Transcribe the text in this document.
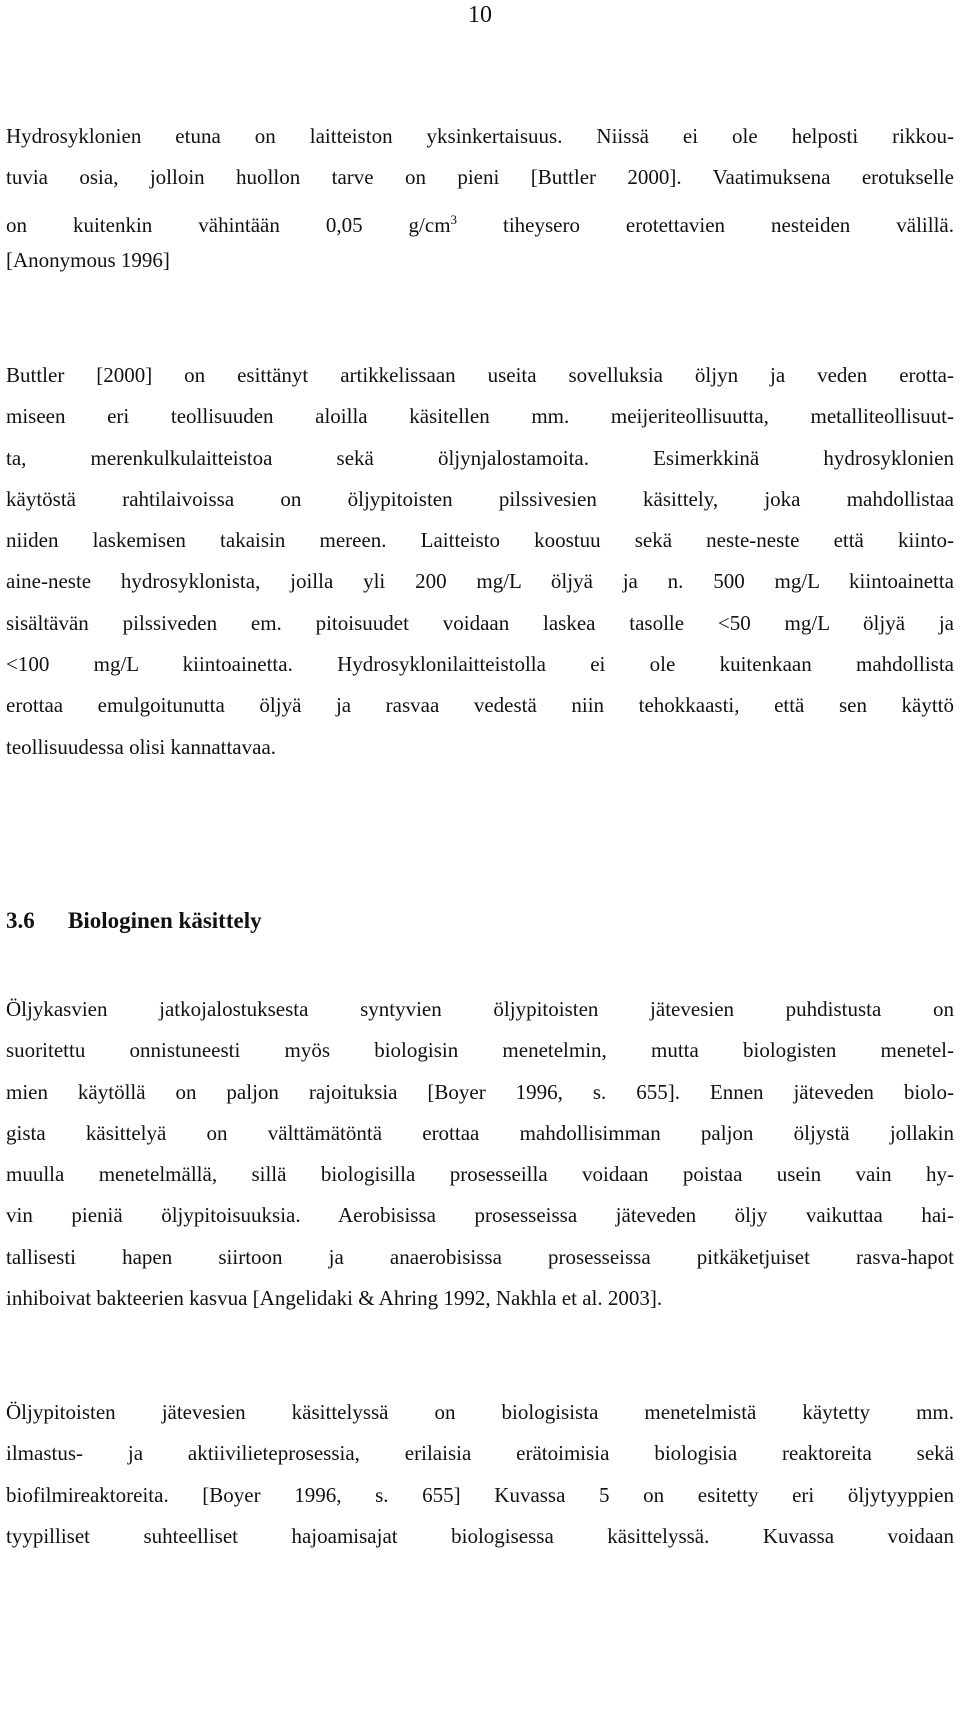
10
Hydrosyklonien etuna on laitteiston yksinkertaisuus. Niissä ei ole helposti rikkou-
tuvia osia, jolloin huollon tarve on pieni [Buttler 2000]. Vaatimuksena erotukselle
on kuitenkin vähintään 0,05 $g/cm^3$ tiheysero erotettavien nesteiden välillä.
[Anonymous 1996]
Buttler [2000] on esittänyt artikkelissaan useita sovelluksia öljyn ja veden erotta-
miseen eri teollisuuden aloilla käsitellen mm. meijeriteollisuutta, metalliteollisuut-
ta, merenkulkulaitteistoa sekä öljynjalostamoita. Esimerkkinä hydrosyklonien
käytöstä rahtilaivoissa on öljypitoisten pilssivesien käsittely, joka mahdollistaa
niiden laskemisen takaisin mereen. Laitteisto koostuu sekä neste-neste että kiinto-
aine-neste hydrosyklonista, joilla yli 200 mg/L öljyä ja n. 500 mg/L kiintoainetta
sisältävän pilssiveden em. pitoisuudet voidaan laskea tasolle <50 mg/L öljyä ja
<100 mg/L kiintoainetta. Hydrosyklonilaitteistolla ei ole kuitenkaan mahdollista
erottaa emulgoitunutta öljyä ja rasvaa vedestä niin tehokkaasti, että sen käyttö
teollisuudessa olisi kannattavaa.
3.6 Biologinen käsittely
Öljykasvien jatkojalostuksesta syntyvien öljypitoisten jätevesien puhdistusta on
suoritettu onnistuneesti myös biologisin menetelmin, mutta biologisten menetel-
mien käytöllä on paljon rajoituksia [Boyer 1996, s. 655]. Ennen jäteveden biolo-
gista käsittelyä on välttämätöntä erottaa mahdollisimman paljon öljystä jollakin
muulla menetelmällä, sillä biologisilla prosesseilla voidaan poistaa usein vain hy-
vin pieniä öljypitoisuuksia. Aerobisissa prosesseissa jäteveden öljy vaikuttaa hai-
tallisesti hapen siirtoon ja anaerobisissa prosesseissa pitkäketjuiset rasva-hapot
inhiboivat bakteerien kasvua [Angelidaki & Ahring 1992, Nakhla et al. 2003].
Öljypitoisten jätevesien käsittelyssä on biologisista menetelmistä käytetty mm.
ilmastus- ja aktiivilieteprosessia, erilaisia erätoimisia biologisia reaktoreita sekä
biofilmireaktoreita. [Boyer 1996, s. 655] Kuvassa 5 on esitetty eri öljytyyppien
tyypilliset suhteelliset hajoamisajat biologisessa käsittelyssä. Kuvassa voidaan
